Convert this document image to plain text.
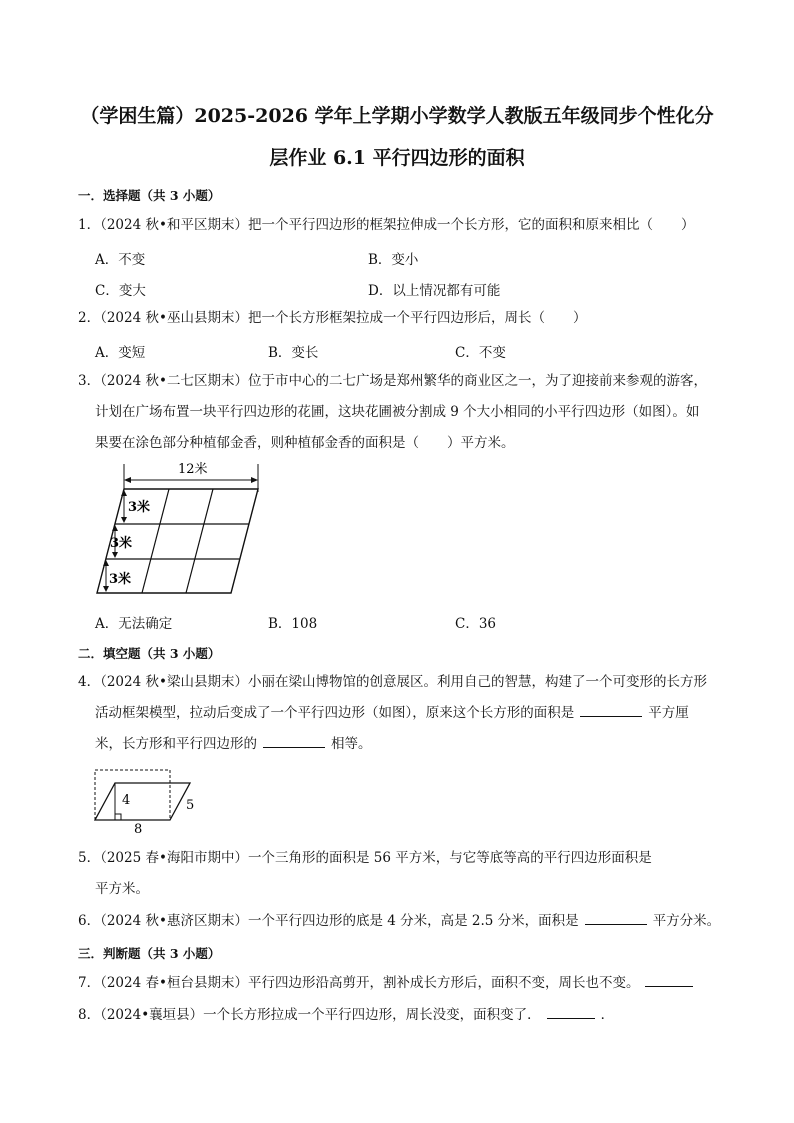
（学困生篇）2025-2026 学年上学期小学数学人教版五年级同步个性化分
层作业 6.1 平行四边形的面积
一．选择题（共 3 小题）
1．（2024 秋•和平区期末）把一个平行四边形的框架拉伸成一个长方形，它的面积和原来相比（ ）
A．不变	B．变小
C．变大	D．以上情况都有可能
2．（2024 秋•巫山县期末）把一个长方形框架拉成一个平行四边形后，周长（ ）
A．变短	B．变长	C．不变
3．（2024 秋•二七区期末）位于市中心的二七广场是郑州繁华的商业区之一，为了迎接前来参观的游客，
计划在广场布置一块平行四边形的花圃，这块花圃被分割成 9 个大小相同的小平行四边形（如图）。如
果要在涂色部分种植郁金香，则种植郁金香的面积是（ ）平方米。
12米
3米
3米
3米
A．无法确定	B．108	C．36
二．填空题（共 3 小题）
4．（2024 秋•梁山县期末）小丽在梁山博物馆的创意展区。利用自己的智慧，构建了一个可变形的长方形
活动框架模型，拉动后变成了一个平行四边形（如图），原来这个长方形的面积是	平方厘
米，长方形和平行四边形的	相等。
4	5
8
5．（2025 春•海阳市期中）一个三角形的面积是 56 平方米，与它等底等高的平行四边形面积是
平方米。
6．（2024 秋•惠济区期末）一个平行四边形的底是 4 分米，高是 2.5 分米，面积是	平方分米。
三．判断题（共 3 小题）
7．（2024 春•桓台县期末）平行四边形沿高剪开，割补成长方形后，面积不变，周长也不变。
8．（2024•襄垣县）一个长方形拉成一个平行四边形，周长没变，面积变了．	．
